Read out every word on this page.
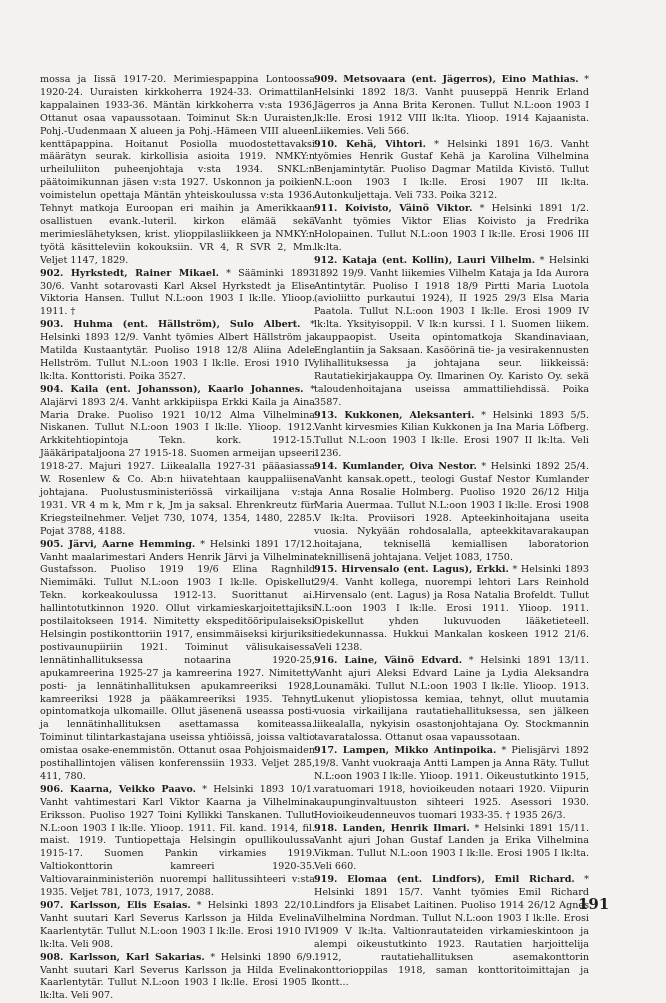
mossa ja Iissä 1917-20. Merimiespappina Lontoossa 1920-24. Uuraisten kirkkoherra 1924-33. Orimattilan kappalainen 1933-36. Mäntän kirkkoherra v:sta 1936. Ottanut osaa vapaussotaan. Toiminut Sk:n Uuraisten, Pohj.-Uudenmaan X alueen ja Pohj.-Hämeen VIII alueen kenttäpappina. Hoitanut Posiolla muodostettavaksi määrätyn seurak. kirkollisia asioita 1919. NMKY:n urheiluliiton puheenjohtaja v:sta 1934. SNKL:n päätoimikunnan jäsen v:sta 1927. Uskonnon ja poikien voimistelun opettaja Mäntän yhteiskoulussa v:sta 1936. Tehnyt matkoja Euroopan eri maihin ja Amerikkaan osallistuen evank.-luteril. kirkon elämää sekä merimieslähetyksen, krist. ylioppilasliikkeen ja NMKY:n työtä käsitteleviin kokouksiin. VR 4, R SVR 2, Mm. Veljet 1147, 1829.

902. Hyrkstedt, Rainer Mikael. * Sääminki 1893 30/6. Vanht sotarovasti Karl Aksel Hyrkstedt ja Elise Viktoria Hansen. Tullut N.L:oon 1903 I lk:lle. Ylioop. 1911. †

903. Huhma (ent. Hällström), Sulo Albert. * Helsinki 1893 12/9. Vanht työmies Albert Hällström ja Matilda Kustaantytär. Puoliso 1918 12/8 Aliina Adele Hellström. Tullut N.L:oon 1903 I lk:lle. Erosi 1910 IV lk:lta. Konttoristi. Poika 3527.

904. Kaila (ent. Johansson), Kaarlo Johannes. * Alajärvi 1893 2/4. Vanht arkkipiispa Erkki Kaila ja Aina Maria Drake. Puoliso 1921 10/12 Alma Vilhelmina Niskanen. Tullut N.L:oon 1903 I lk:lle. Ylioop. 1912. Arkkitehtiopintoja Tekn. kork. 1912-15. Jääkäripataljoona 27 1915-18. Suomen armeijan upseeri 1918-27. Majuri 1927. Liikealalla 1927-31 pääasiassa W. Rosenlew & Co. Ab:n hiivatehtaan kauppaliisena johtajana. Puolustusministeriössä virkailijana v:sta 1931. VR 4 m k, Mm r k, Jm ja saksal. Ehrenkreutz für Kriegsteilnehmer. Veljet 730, 1074, 1354, 1480, 2285. Pojat 3788, 4188.

905. Järvi, Aarne Hemming. * Helsinki 1891 17/12. Vanht maalarimestari Anders Henrik Järvi ja Vilhelmina Gustafsson. Puoliso 1919 19/6 Elina Ragnhild Niemimäki. Tullut N.L:oon 1903 I lk:lle. Opiskellut Tekn. korkeakoulussa 1912-13. Suorittanut ai. hallintotutkinnon 1920. Ollut virkamieskarjoitettajiksi postilaitokseen 1914. Nimitetty ekspeditööripulaiseksi Helsingin postikonttoriin 1917, ensimmäiseksi kirjuriksi postivaunupiiriin 1921. Toiminut välisukaisessa lennätinhallituksessa notaarina 1920-25, apukamreerina 1925-27 ja kamreerina 1927. Nimitetty posti- ja lennätinhallituksen apukamreeriksi 1928, kamreeriksi 1928 ja pääkamreeriksi 1935. Tehnyt opintomatkoja ulkomaille. Ollut jäsenenä useassa posti- ja lennätinhallituksen asettamassa komiteassa. Toiminut tilintarkastajana useissa yhtiöissä, joissa valtio omistaa osake-enemmistön. Ottanut osaa Pohjoismaiden postihallintojen välisen konferenssiin 1933. Veljet 285, 411, 780.

906. Kaarna, Veikko Paavo. * Helsinki 1893 10/1. Vanht vahtimestari Karl Viktor Kaarna ja Vilhelmina Eriksson. Puoliso 1927 Toini Kyllikki Tanskanen. Tullut N.L:oon 1903 I lk:lle. Ylioop. 1911. Fil. kand. 1914, fil. maist. 1919. Tuntiopettaja Helsingin opullikoulussa 1915-17. Suomen Pankin virkamies 1919. Valtiokonttorin kamreeri 1920-35. Valtiovarainministeriön nuorempi hallitussihteeri v:sta 1935. Veljet 781, 1073, 1917, 2088.

907. Karlsson, Elis Esaias. * Helsinki 1893 22/10. Vanht suutari Karl Severus Karlsson ja Hilda Evelina Kaarlentytär. Tullut N.L:oon 1903 I lk:lle. Erosi 1910 IV lk:lta. Veli 908.

908. Karlsson, Karl Sakarias. * Helsinki 1890 6/9. Vanht suutari Karl Severus Karlsson ja Hilda Evelina Kaarlentytär. Tullut N.L:oon 1903 I lk:lle. Erosi 1905 I lk:lta. Veli 907.

909. Metsovaara (ent. Jägerros), Eino Mathias. * Helsinki 1892 18/3. Vanht puuseppä Henrik Erland Jägerros ja Anna Brita Keronen. Tullut N.L:oon 1903 I lk:lle. Erosi 1912 VIII lk:lta. Ylioop. 1914 Kajaanista. Liikemies. Veli 566.

910. Kehä, Vihtori. * Helsinki 1891 16/3. Vanht työmies Henrik Gustaf Kehä ja Karolina Vilhelmina Benjamintytär. Puoliso Dagmar Matilda Kivistö. Tullut N.L:oon 1903 I lk:lle. Erosi 1907 III lk:lta. Autonkuljettaja. Veli 733. Poika 3212.

911. Koivisto, Väinö Viktor. * Helsinki 1891 1/2. Vanht työmies Viktor Elias Koivisto ja Fredrika Holopainen. Tullut N.L:oon 1903 I lk:lle. Erosi 1906 III lk:lta.

912. Kataja (ent. Kollin), Lauri Vilhelm. * Helsinki 1892 19/9. Vanht liikemies Vilhelm Kataja ja Ida Aurora Antintytär. Puoliso I 1918 18/9 Pirtti Maria Luotola (avioliitto purkautui 1924), II 1925 29/3 Elsa Maria Paatola. Tullut N.L:oon 1903 I lk:lle. Erosi 1909 IV lk:lta. Yksityisoppil. V lk:n kurssi. I l. Suomen liikem. kauppaopist. Useita opintomatkoja Skandinaviaan, Englantiin ja Saksaan. Kasöörinä tie- ja vesirakennusten ylihallituksessa ja johtajana seur. liikkeissä: Rautatiekirjakauppa Oy. Ilmarinen Oy. Karisto Oy. sekä taloudenhoitajana useissa ammattiliehdissä. Poika 3587.

913. Kukkonen, Aleksanteri. * Helsinki 1893 5/5. Vanht kirvesmies Kilian Kukkonen ja Ina Maria Löfberg. Tullut N.L:oon 1903 I lk:lle. Erosi 1907 II lk:lta. Veli 1236.

914. Kumlander, Oiva Nestor. * Helsinki 1892 25/4. Vanht kansak.opett., teologi Gustaf Nestor Kumlander ja Anna Rosalie Holmberg. Puoliso 1920 26/12 Hilja Maria Auermaa. Tullut N.L:oon 1903 I lk:lle. Erosi 1908 V lk:lta. Proviisori 1928. Apteekinhoitajana useita vuosia. Nykyään rohdosalalla, apteekkitavarakaupan hoitajana, teknisellä kemiallisen laboratorion teknillisenä johtajana. Veljet 1083, 1750.

915. Hirvensalo (ent. Lagus), Erkki. * Helsinki 1893 29/4. Vanht kollega, nuorempi lehtori Lars Reinhold Hirvensalo (ent. Lagus) ja Rosa Natalia Brofeldt. Tullut N.L:oon 1903 I lk:lle. Erosi 1911. Ylioop. 1911. Opiskellut yhden lukuvuoden lääketieteell. tiedekunnassa. Hukkui Mankalan koskeen 1912 21/6. Veli 1238.

916. Laine, Väinö Edvard. * Helsinki 1891 13/11. Vanht ajuri Aleksi Edvard Laine ja Lydia Aleksandra Lounamäki. Tullut N.L:oon 1903 I lk:lle. Ylioop. 1913. Lukenut yliopistossa kemiaa, tehnyt, ollut muutamia vuosia virkailijana rautatiehallituksessa, sen jälkeen liikealalla, nykyisin osastonjohtajana Oy. Stockmannin tavaratalossa. Ottanut osaa vapaussotaan.

917. Lampen, Mikko Antinpoika. * Pielisjärvi 1892 19/8. Vanht vuokraaja Antti Lampen ja Anna Räty. Tullut N.L:oon 1903 I lk:lle. Ylioop. 1911. Oikeustutkinto 1915, varatuomari 1918, hovioikeuden notaari 1920. Viipurin kaupunginvaltuuston sihteeri 1925. Asessori 1930. Hovioikeudenneuvos tuomari 1933-35. † 1935 26/3.

918. Landen, Henrik Ilmari. * Helsinki 1891 15/11. Vanht ajuri Johan Gustaf Landen ja Erika Vilhelmina Vikman. Tullut N.L:oon 1903 I lk:lle. Erosi 1905 I lk:lta. Veli 660.

919. Elomaa (ent. Lindfors), Emil Richard. * Helsinki 1891 15/7. Vanht työmies Emil Richard Lindfors ja Elisabet Laitinen. Puoliso 1914 26/12 Agnes Vilhelmina Nordman. Tullut N.L:oon 1903 I lk:lle. Erosi 1909 V lk:lta. Valtionrautateiden virkamieskintoon ja alempi oikeustutkinto 1923. Rautatien harjoittelija 1912, rautatiehallituksen asemakonttorin konttorioppilas 1918, saman konttoritoimittajan ja kontt...

191
